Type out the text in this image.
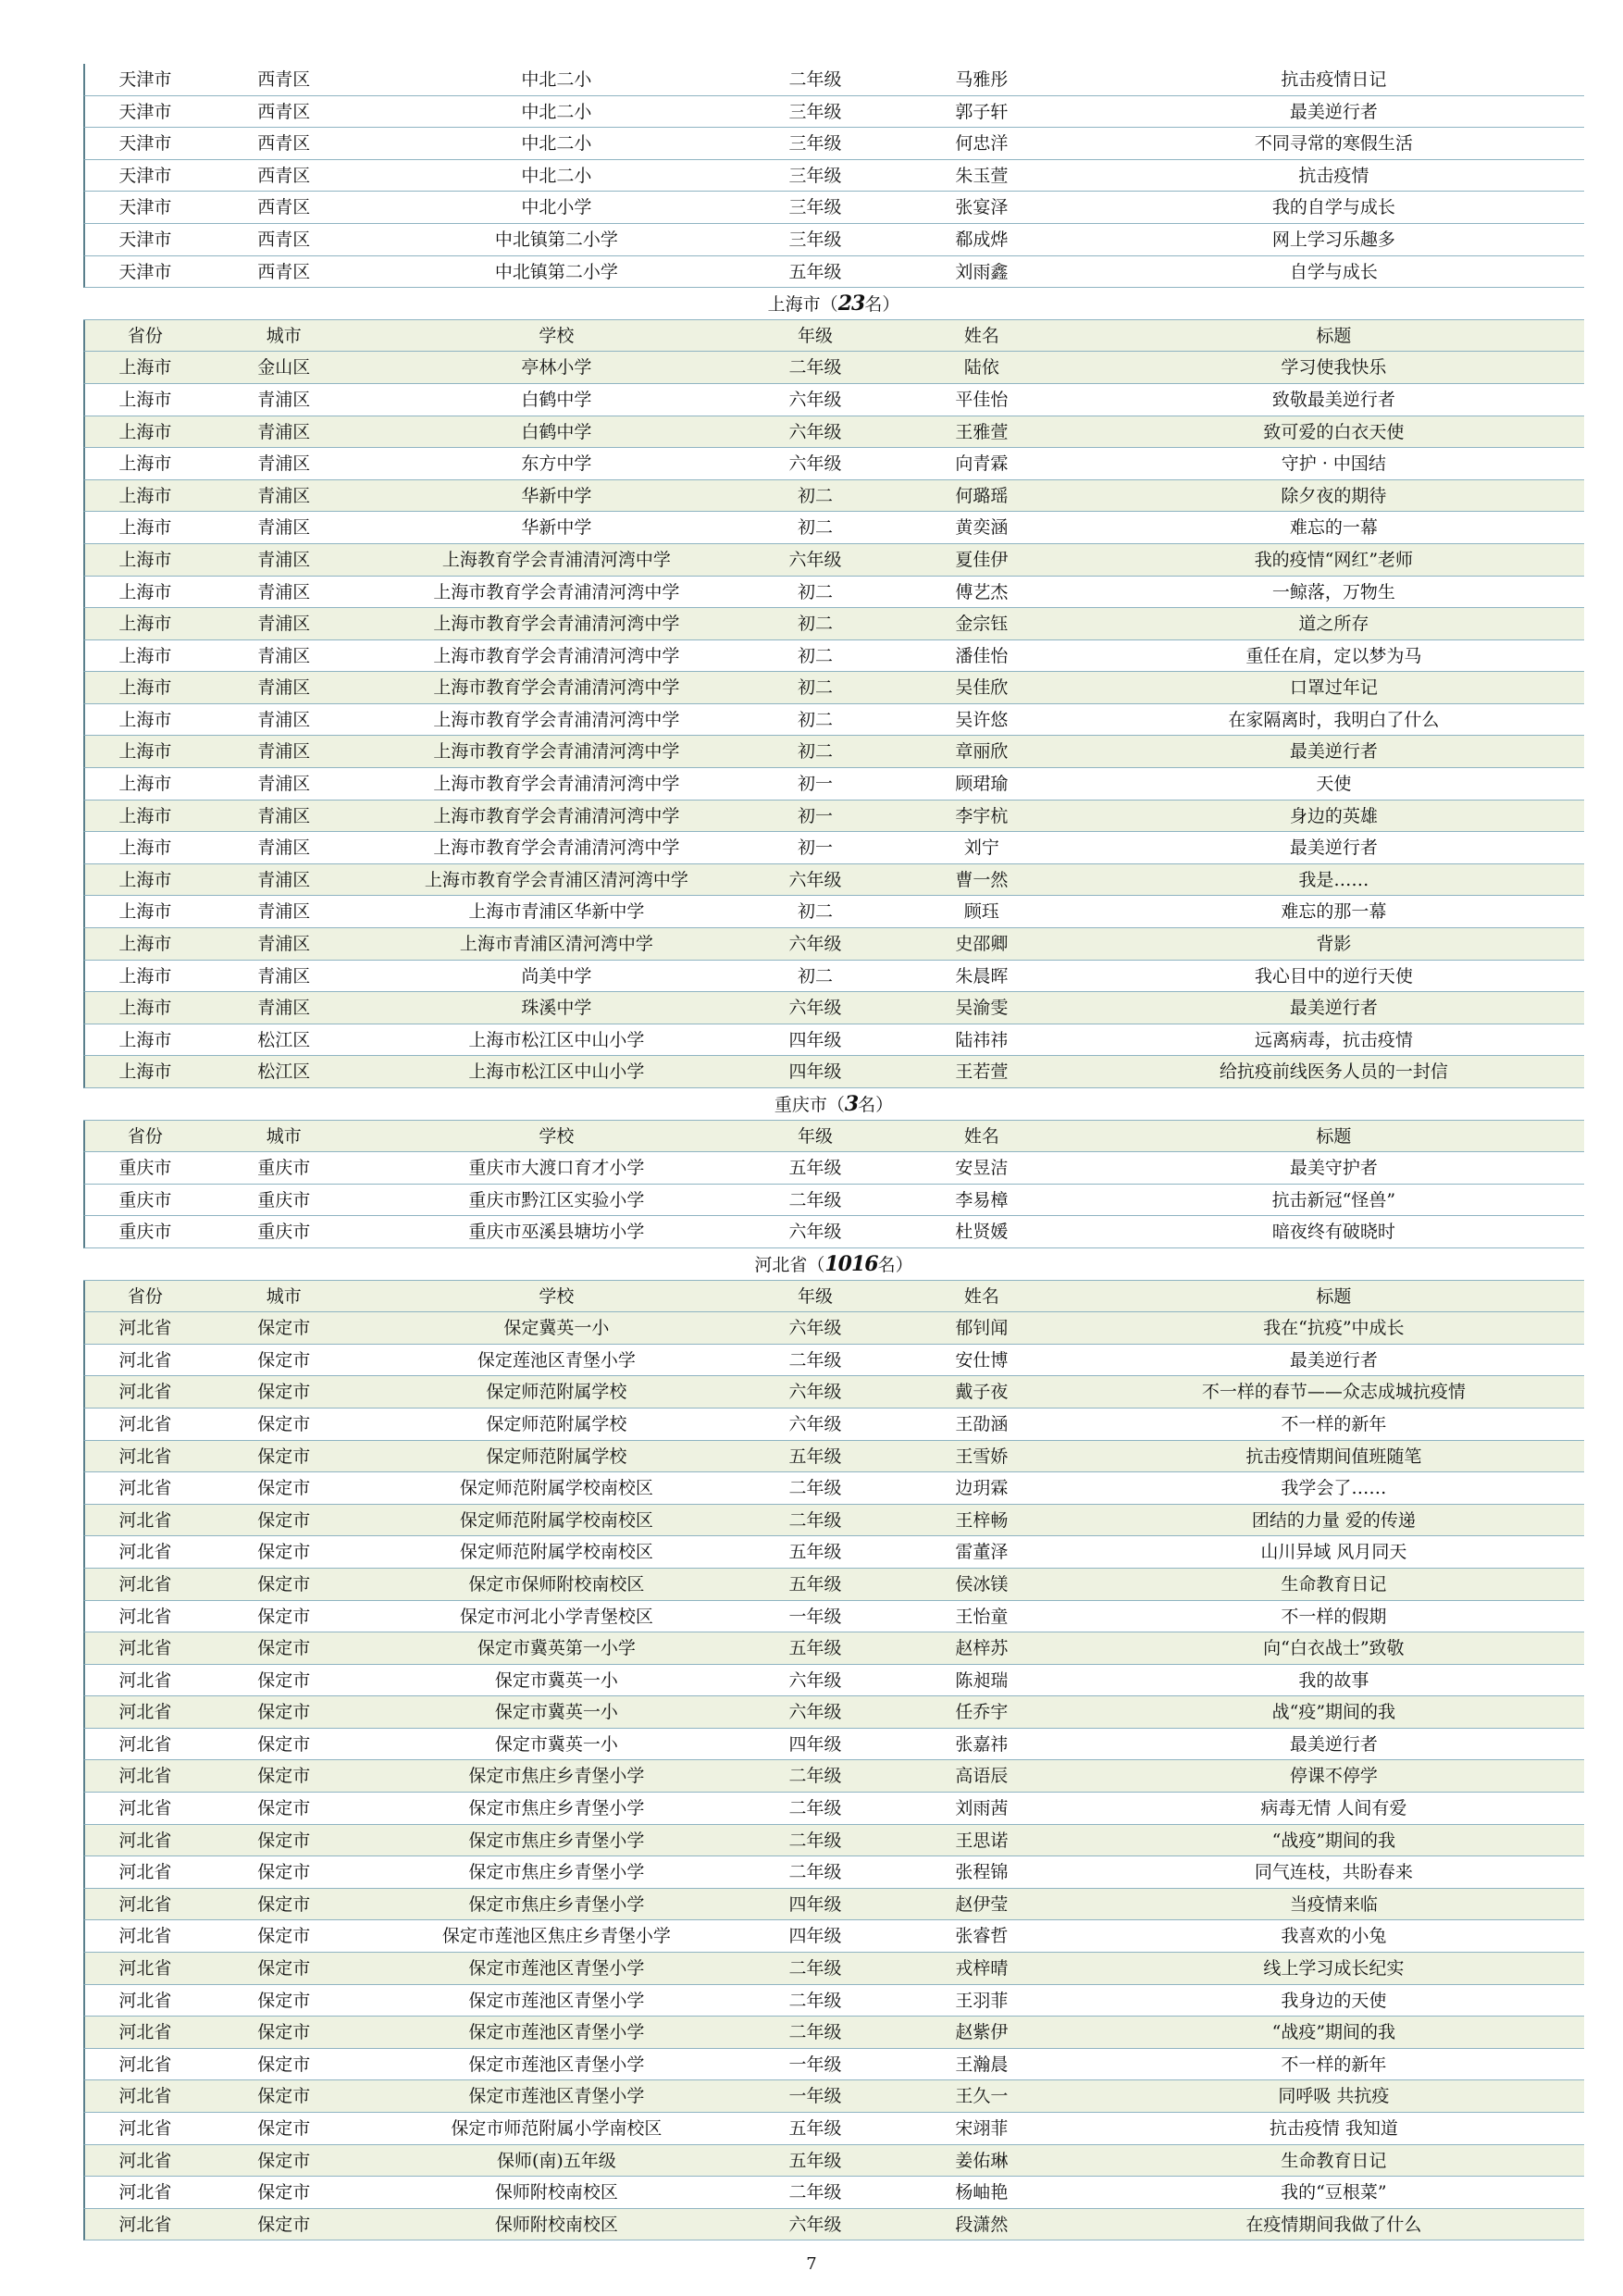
天津市	西青区	中北二小	二年级	马雅彤	抗击疫情日记
天津市	西青区	中北二小	三年级	郭子轩	最美逆行者
天津市	西青区	中北二小	三年级	何忠洋	不同寻常的寒假生活
天津市	西青区	中北二小	三年级	朱玉萱	抗击疫情
天津市	西青区	中北小学	三年级	张宴泽	我的自学与成长
天津市	西青区	中北镇第二小学	三年级	郗成烨	网上学习乐趣多
天津市	西青区	中北镇第二小学	五年级	刘雨鑫	自学与成长
上海市（23名）
省份	城市	学校	年级	姓名	标题
上海市	金山区	亭林小学	二年级	陆依	学习使我快乐
上海市	青浦区	白鹤中学	六年级	平佳怡	致敬最美逆行者
上海市	青浦区	白鹤中学	六年级	王雅萱	致可爱的白衣天使
上海市	青浦区	东方中学	六年级	向青霖	守护 · 中国结
上海市	青浦区	华新中学	初二	何璐瑶	除夕夜的期待
上海市	青浦区	华新中学	初二	黄奕涵	难忘的一幕
上海市	青浦区	上海教育学会青浦清河湾中学	六年级	夏佳伊	我的疫情“网红”老师
上海市	青浦区	上海市教育学会青浦清河湾中学	初二	傅艺杰	一鲸落，万物生
上海市	青浦区	上海市教育学会青浦清河湾中学	初二	金宗钰	道之所存
上海市	青浦区	上海市教育学会青浦清河湾中学	初二	潘佳怡	重任在肩，定以梦为马
上海市	青浦区	上海市教育学会青浦清河湾中学	初二	吴佳欣	口罩过年记
上海市	青浦区	上海市教育学会青浦清河湾中学	初二	吴许悠	在家隔离时，我明白了什么
上海市	青浦区	上海市教育学会青浦清河湾中学	初二	章丽欣	最美逆行者
上海市	青浦区	上海市教育学会青浦清河湾中学	初一	顾珺瑜	天使
上海市	青浦区	上海市教育学会青浦清河湾中学	初一	李宇杭	身边的英雄
上海市	青浦区	上海市教育学会青浦清河湾中学	初一	刘宁	最美逆行者
上海市	青浦区	上海市教育学会青浦区清河湾中学	六年级	曹一然	我是……
上海市	青浦区	上海市青浦区华新中学	初二	顾珏	难忘的那一幕
上海市	青浦区	上海市青浦区清河湾中学	六年级	史邵卿	背影
上海市	青浦区	尚美中学	初二	朱晨晖	我心目中的逆行天使
上海市	青浦区	珠溪中学	六年级	吴渝雯	最美逆行者
上海市	松江区	上海市松江区中山小学	四年级	陆祎祎	远离病毒，抗击疫情
上海市	松江区	上海市松江区中山小学	四年级	王若萱	给抗疫前线医务人员的一封信
重庆市（3名）
省份	城市	学校	年级	姓名	标题
重庆市	重庆市	重庆市大渡口育才小学	五年级	安昱洁	最美守护者
重庆市	重庆市	重庆市黔江区实验小学	二年级	李易樟	抗击新冠“怪兽”
重庆市	重庆市	重庆市巫溪县塘坊小学	六年级	杜贤媛	暗夜终有破晓时
河北省（1016名）
省份	城市	学校	年级	姓名	标题
河北省	保定市	保定冀英一小	六年级	郁钊闻	我在“抗疫”中成长
河北省	保定市	保定莲池区青堡小学	二年级	安仕博	最美逆行者
河北省	保定市	保定师范附属学校	六年级	戴子夜	不一样的春节——众志成城抗疫情
河北省	保定市	保定师范附属学校	六年级	王劭涵	不一样的新年
河北省	保定市	保定师范附属学校	五年级	王雪娇	抗击疫情期间值班随笔
河北省	保定市	保定师范附属学校南校区	二年级	边玥霖	我学会了……
河北省	保定市	保定师范附属学校南校区	二年级	王梓畅	团结的力量 爱的传递
河北省	保定市	保定师范附属学校南校区	五年级	雷董泽	山川异域 风月同天
河北省	保定市	保定市保师附校南校区	五年级	侯冰镁	生命教育日记
河北省	保定市	保定市河北小学青堡校区	一年级	王怡童	不一样的假期
河北省	保定市	保定市冀英第一小学	五年级	赵梓苏	向“白衣战士”致敬
河北省	保定市	保定市冀英一小	六年级	陈昶瑞	我的故事
河北省	保定市	保定市冀英一小	六年级	任乔宇	战“疫”期间的我
河北省	保定市	保定市冀英一小	四年级	张嘉祎	最美逆行者
河北省	保定市	保定市焦庄乡青堡小学	二年级	高语辰	停课不停学
河北省	保定市	保定市焦庄乡青堡小学	二年级	刘雨茜	病毒无情 人间有爱
河北省	保定市	保定市焦庄乡青堡小学	二年级	王思诺	“战疫”期间的我
河北省	保定市	保定市焦庄乡青堡小学	二年级	张程锦	同气连枝，共盼春来
河北省	保定市	保定市焦庄乡青堡小学	四年级	赵伊莹	当疫情来临
河北省	保定市	保定市莲池区焦庄乡青堡小学	四年级	张睿哲	我喜欢的小兔
河北省	保定市	保定市莲池区青堡小学	二年级	戎梓晴	线上学习成长纪实
河北省	保定市	保定市莲池区青堡小学	二年级	王羽菲	我身边的天使
河北省	保定市	保定市莲池区青堡小学	二年级	赵紫伊	“战疫”期间的我
河北省	保定市	保定市莲池区青堡小学	一年级	王瀚晨	不一样的新年
河北省	保定市	保定市莲池区青堡小学	一年级	王久一	同呼吸 共抗疫
河北省	保定市	保定市师范附属小学南校区	五年级	宋翊菲	抗击疫情 我知道
河北省	保定市	保师(南)五年级	五年级	姜佑琳	生命教育日记
河北省	保定市	保师附校南校区	二年级	杨岫艳	我的“豆根菜”
河北省	保定市	保师附校南校区	六年级	段潇然	在疫情期间我做了什么
7
